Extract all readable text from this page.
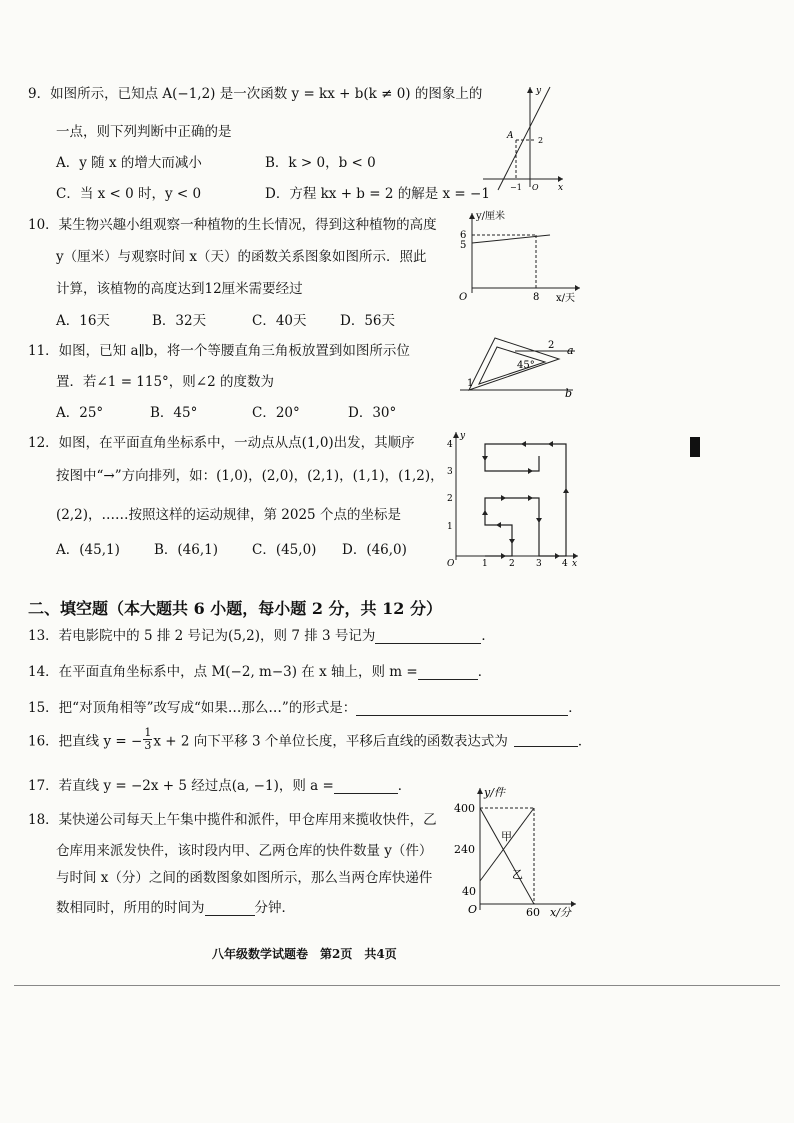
9．如图所示，已知点 A(−1,2) 是一次函数 y = kx + b(k ≠ 0) 的图象上的
一点，则下列判断中正确的是
A．y 随 x 的增大而减小	B．k > 0，b < 0
C．当 x < 0 时，y < 0	D．方程 kx + b = 2 的解是 x = −1
A
y
x
−1 O
2
10．某生物兴趣小组观察一种植物的生长情况，得到这种植物的高度
y（厘米）与观察时间 x（天）的函数关系图象如图所示．照此
计算，该植物的高度达到12厘米需要经过
A．16天	B．32天	C．40天 D．56天
y/厘米
x/天
O
6
5
8
11．如图，已知 a∥b，将一个等腰直角三角板放置到如图所示位
置．若∠1 = 115°，则∠2 的度数为
A．25°	B．45°	C．20°	D．30°
a
b
1
2
45°
12．如图，在平面直角坐标系中，一动点从点(1,0)出发，其顺序
按图中“→”方向排列，如：(1,0)，(2,0)，(2,1)，(1,1)，(1,2)，
(2,2)，……按照这样的运动规律，第 2025 个点的坐标是
A．(45,1)	B．(46,1)	C．(45,0) D．(46,0)
y
O	1 2 3 4 x
1
2
3
4
二、填空题（本大题共 6 小题，每小题 2 分，共 12 分）
13．若电影院中的 5 排 2 号记为(5,2)，则 7 排 3 号记为	．
14．在平面直角坐标系中，点 M(−2, m−3) 在 x 轴上，则 m =	．
15．把“对顶角相等”改写成“如果…那么…”的形式是：	．
16．把直线 y = − $\frac{1}{3}$ x + 2 向下平移 3 个单位长度，平移后直线的函数表达式为	．
17．若直线 y = −2x + 5 经过点(a, −1)，则 a =	．
18．某快递公司每天上午集中揽件和派件，甲仓库用来揽收快件，乙
仓库用来派发快件，该时段内甲、乙两仓库的快件数量 y（件）
与时间 x（分）之间的函数图象如图所示，那么当两仓库快递件
数相同时，所用的时间为	分钟．
y/件
x/分
O
400
240
40
60
甲
乙
八年级数学试题卷　第2页　共4页
